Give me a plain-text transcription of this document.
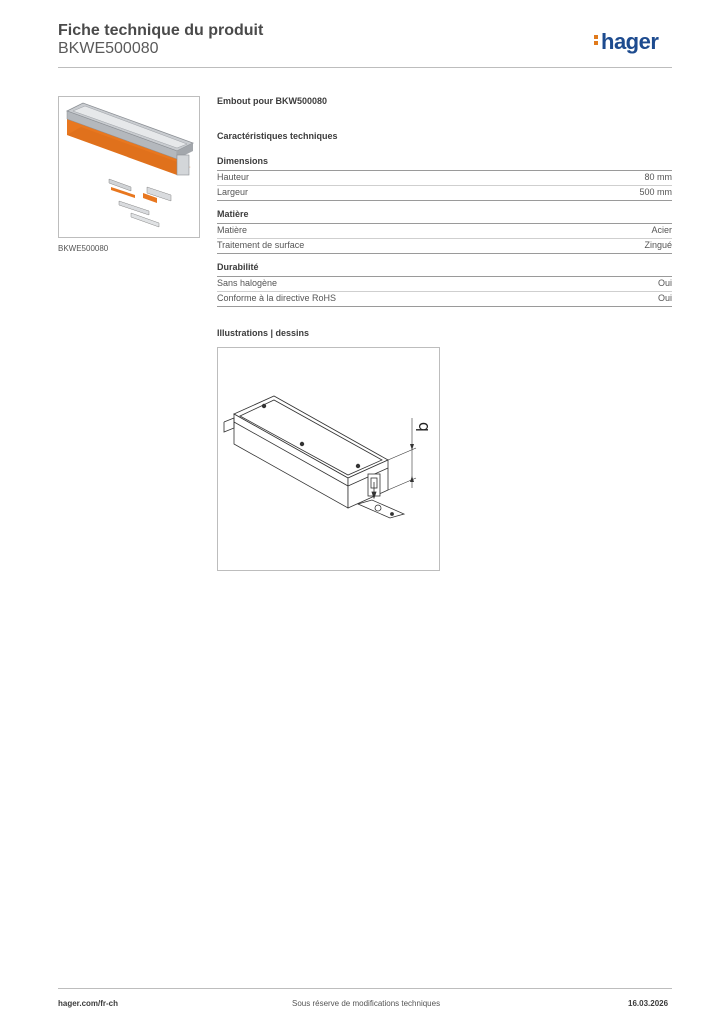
Fiche technique du produit
BKWE500080	hager
BKWE500080
Embout pour BKW500080
Caractéristiques techniques
Dimensions
Hauteur	80 mm
Largeur	500 mm
Matière
Matière	Acier
Traitement de surface	Zingué
Durabilité
Sans halogène	Oui
Conforme à la directive RoHS	Oui
Illustrations | dessins
b
hager.com/fr-ch	Sous réserve de modifications techniques	16.03.2026
